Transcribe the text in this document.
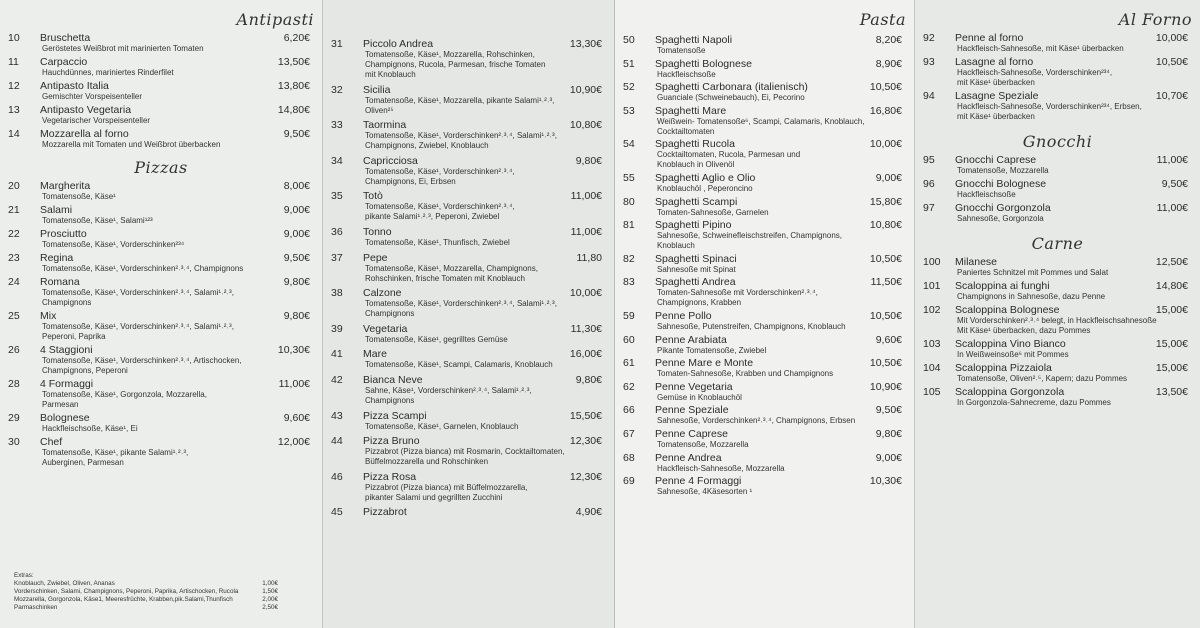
Antipasti
10	Bruschetta	6,20€
Geröstetes Weißbrot mit marinierten Tomaten
11	Carpaccio	13,50€
Hauchdünnes, mariniertes Rinderfilet
12	Antipasto Italia	13,80€
Gemischter Vorspeisenteller
13	Antipasto Vegetaria	14,80€
Vegetarischer Vorspeisenteller
14	Mozzarella al forno	9,50€
Mozzarella mit Tomaten und Weißbrot überbacken
Pizzas
20	Margherita	8,00€
Tomatensoße, Käse¹
21	Salami	9,00€
Tomatensoße, Käse¹, Salami¹²³
22	Prosciutto	9,00€
Tomatensoße, Käse¹, Vorderschinken²³⁴
23	Regina	9,50€
Tomatensoße, Käse¹, Vorderschinken²˒³˒⁴, Champignons
24	Romana	9,80€
Tomatensoße, Käse¹, Vorderschinken²˒³˒⁴, Salami¹˒²˒³,
Champignons
25	Mix	9,80€
Tomatensoße, Käse¹, Vorderschinken²˒³˒⁴, Salami¹˒²˒³,
Peperoni, Paprika
26	4 Staggioni	10,30€
Tomatensoße, Käse¹, Vorderschinken²˒³˒⁴, Artischocken,
Champignons, Peperoni
28	4 Formaggi	11,00€
Tomatensoße, Käse¹, Gorgonzola, Mozzarella,
Parmesan
29	Bolognese	9,60€
Hackfleischsoße, Käse¹, Ei
30	Chef	12,00€
Tomatensoße, Käse¹, pikante Salami¹˒²˒³,
Auberginen, Parmesan
Extras:
Knoblauch, Zwiebel, Oliven, Ananas	1,00€
Vorderschinken, Salami, Champignons, Peperoni, Paprika, Artischocken, Rucola	1,50€
Mozzarella, Gorgonzola, Käse1, Meeresfrüchte, Krabben,pik.Salami,Thunfisch	2,00€
Parmaschinken	2,50€
31	Piccolo Andrea	13,30€
Tomatensoße, Käse¹, Mozzarella, Rohschinken,
Champignons, Rucola, Parmesan, frische Tomaten
mit Knoblauch
32	Sicilia	10,90€
Tomatensoße, Käse¹, Mozzarella, pikante Salami¹˒²˒³,
Oliven²⁵
33	Taormina	10,80€
Tomatensoße, Käse¹, Vorderschinken²˒³˒⁴, Salami¹˒²˒³,
Champignons, Zwiebel, Knoblauch
34	Capricciosa	9,80€
Tomatensoße, Käse¹, Vorderschinken²˒³˒⁴,
Champignons, Ei, Erbsen
35	Totò	11,00€
Tomatensoße, Käse¹, Vorderschinken²˒³˒⁴,
pikante Salami¹˒²˒³, Peperoni, Zwiebel
36	Tonno	11,00€
Tomatensoße, Käse¹, Thunfisch, Zwiebel
37	Pepe	11,80
Tomatensoße, Käse¹, Mozzarella, Champignons,
Rohschinken, frische Tomaten mit Knoblauch
38	Calzone	10,00€
Tomatensoße, Käse¹, Vorderschinken²˒³˒⁴, Salami¹˒²˒³,
Champignons
39	Vegetaria	11,30€
Tomatensoße, Käse¹, gegrilltes Gemüse
41	Mare	16,00€
Tomatensoße, Käse¹, Scampi, Calamaris, Knoblauch
42	Bianca Neve	9,80€
Sahne, Käse¹, Vorderschinken²˒³˒⁴, Salami¹˒²˒³,
Champignons
43	Pizza Scampi	15,50€
Tomatensoße, Käse¹, Garnelen, Knoblauch
44	Pizza Bruno	12,30€
Pizzabrot (Pizza bianca) mit Rosmarin, Cocktailtomaten,
Büffelmozzarella und Rohschinken
46	Pizza Rosa	12,30€
Pizzabrot (Pizza bianca) mit Büffelmozzarella,
pikanter Salami und gegrillten Zucchini
45	Pizzabrot	4,90€
Pasta
50	Spaghetti Napoli	8,20€
Tomatensoße
51	Spaghetti Bolognese	8,90€
Hackfleischsoße
52	Spaghetti Carbonara (italienisch)	10,50€
Guanciale (Schweinebauch), Ei, Pecorino
53	Spaghetti Mare	16,80€
Weißwein- Tomatensoße⁶, Scampi, Calamaris, Knoblauch,
Cocktailtomaten
54	Spaghetti Rucola	10,00€
Cocktailtomaten, Rucola, Parmesan und
Knoblauch in Olivenöl
55	Spaghetti Aglio e Olio	9,00€
Knoblauchöl , Peperoncino
80	Spaghetti Scampi	15,80€
Tomaten-Sahnesoße, Garnelen
81	Spaghetti Pipino	10,80€
Sahnesoße, Schweinefleischstreifen, Champignons,
Knoblauch
82	Spaghetti Spinaci	10,50€
Sahnesoße mit Spinat
83	Spaghetti Andrea	11,50€
Tomaten-Sahnesoße mit Vorderschinken²˒³˒⁴,
Champignons, Krabben
59	Penne Pollo	10,50€
Sahnesoße, Putenstreifen, Champignons, Knoblauch
60	Penne Arabiata	9,60€
Pikante Tomatensoße, Zwiebel
61	Penne Mare e Monte	10,50€
Tomaten-Sahnesoße, Krabben und Champignons
62	Penne Vegetaria	10,90€
Gemüse in Knoblauchöl
66	Penne Speziale	9,50€
Sahnesoße, Vorderschinken²˒³˒⁴, Champignons, Erbsen
67	Penne Caprese	9,80€
Tomatensoße, Mozzarella
68	Penne Andrea	9,00€
Hackfleisch-Sahnesoße, Mozzarella
69	Penne 4 Formaggi	10,30€
Sahnesoße, 4Käsesorten ¹
Al Forno
92	Penne al forno	10,00€
Hackfleisch-Sahnesoße, mit Käse¹ überbacken
93	Lasagne al forno	10,50€
Hackfleisch-Sahnesoße, Vorderschinken²³⁴,
mit Käse¹ überbacken
94	Lasagne Speziale	10,70€
Hackfleisch-Sahnesoße, Vorderschinken²³⁴, Erbsen,
mit Käse¹ überbacken
Gnocchi
95	Gnocchi Caprese	11,00€
Tomatensoße, Mozzarella
96	Gnocchi Bolognese	9,50€
Hackfleischsoße
97	Gnocchi Gorgonzola	11,00€
Sahnesoße, Gorgonzola
Carne
100	Milanese	12,50€
Paniertes Schnitzel mit Pommes und Salat
101	Scaloppina ai funghi	14,80€
Champignons in Sahnesoße, dazu Penne
102	Scaloppina Bolognese	15,00€
Mit Vorderschinken²˒³˒⁴ belegt, in Hackfleischsahnesoße
Mit Käse¹ überbacken, dazu Pommes
103	Scaloppina Vino Bianco	15,00€
In Weißweinsoße⁶ mit Pommes
104	Scaloppina Pizzaiola	15,00€
Tomatensoße, Oliven²˒⁵, Kapern; dazu Pommes
105	Scaloppina Gorgonzola	13,50€
In Gorgonzola-Sahnecreme, dazu Pommes
